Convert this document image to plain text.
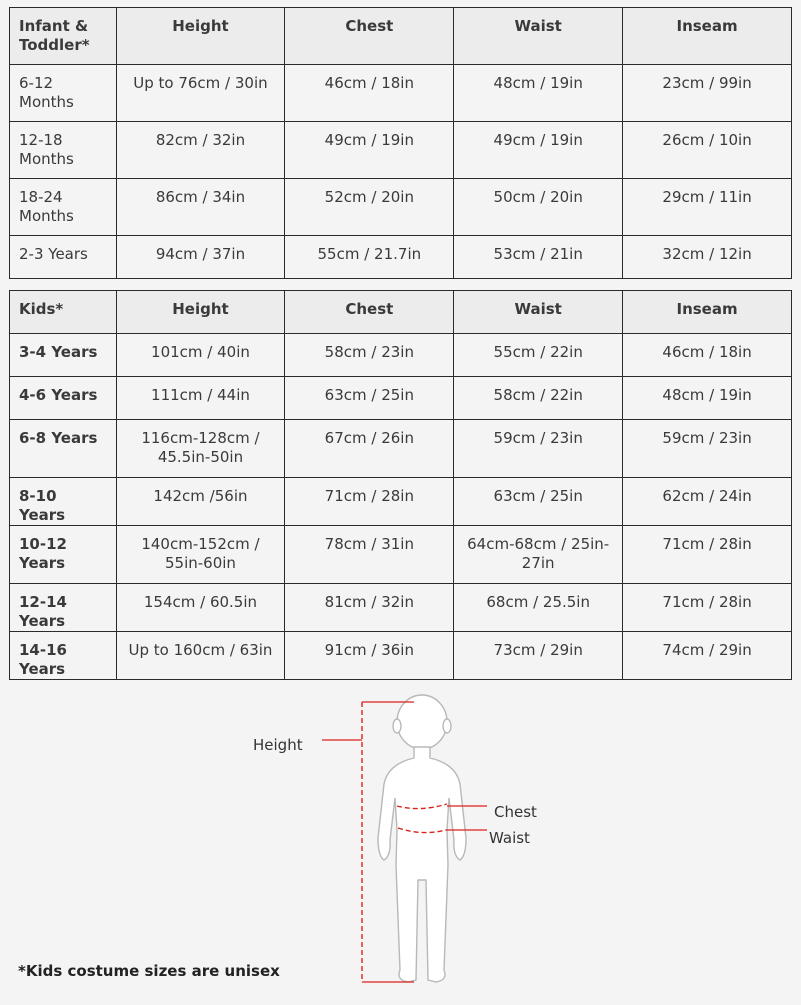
Infant & Toddler*	Height	Chest	Waist	Inseam
6-12 Months	Up to 76cm / 30in	46cm / 18in	48cm / 19in	23cm / 99in
12-18 Months	82cm / 32in	49cm / 19in	49cm / 19in	26cm / 10in
18-24 Months	86cm / 34in	52cm / 20in	50cm / 20in	29cm / 11in
2-3 Years	94cm / 37in	55cm / 21.7in	53cm / 21in	32cm / 12in
Kids*	Height	Chest	Waist	Inseam
3-4 Years	101cm / 40in	58cm / 23in	55cm / 22in	46cm / 18in
4-6 Years	111cm / 44in	63cm / 25in	58cm / 22in	48cm / 19in
6-8 Years	116cm-128cm / 45.5in-50in	67cm / 26in	59cm / 23in	59cm / 23in
8-10 Years	142cm /56in	71cm / 28in	63cm / 25in	62cm / 24in
10-12 Years	140cm-152cm / 55in-60in	78cm / 31in	64cm-68cm / 25in-27in	71cm / 28in
12-14 Years	154cm / 60.5in	81cm / 32in	68cm / 25.5in	71cm / 28in
14-16 Years	Up to 160cm / 63in	91cm / 36in	73cm / 29in	74cm / 29in
Height
Chest
Waist
*Kids costume sizes are unisex
